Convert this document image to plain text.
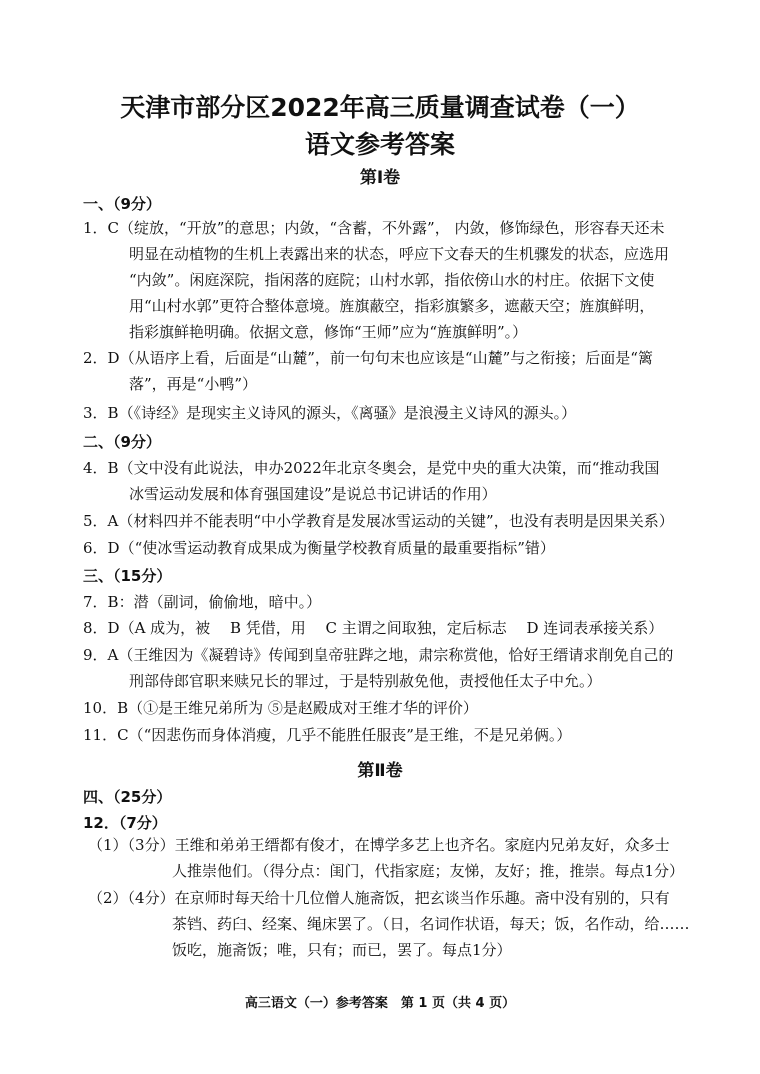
天津市部分区2022年高三质量调查试卷（一）
语文参考答案
第Ⅰ卷
一、（9分）
1．C（绽放，“开放”的意思；内敛，“含蓄，不外露”， 内敛，修饰绿色，形容春天还未
明显在动植物的生机上表露出来的状态，呼应下文春天的生机骤发的状态，应选用
“内敛”。闲庭深院，指闲落的庭院；山村水郭，指依傍山水的村庄。依据下文使
用“山村水郭”更符合整体意境。旌旗蔽空，指彩旗繁多，遮蔽天空；旌旗鲜明，
指彩旗鲜艳明确。依据文意，修饰“王师”应为“旌旗鲜明”。）
2．D（从语序上看，后面是“山麓”，前一句句末也应该是“山麓”与之衔接；后面是“篱
落”，再是“小鸭”）
3．B（《诗经》是现实主义诗风的源头，《离骚》是浪漫主义诗风的源头。）
二、（9分）
4．B（文中没有此说法，申办2022年北京冬奥会，是党中央的重大决策，而“推动我国
冰雪运动发展和体育强国建设”是说总书记讲话的作用）
5．A（材料四并不能表明“中小学教育是发展冰雪运动的关键”，也没有表明是因果关系）
6．D（“使冰雪运动教育成果成为衡量学校教育质量的最重要指标”错）
三、（15分）
7．B：潜（副词，偷偷地，暗中。）
8．D（A 成为，被　 B 凭借，用　 C 主谓之间取独，定后标志　 D 连词表承接关系）
9．A（王维因为《凝碧诗》传闻到皇帝驻跸之地，肃宗称赏他，恰好王缙请求削免自己的
刑部侍郎官职来赎兄长的罪过，于是特别赦免他，责授他任太子中允。）
10．B（①是王维兄弟所为 ⑤是赵殿成对王维才华的评价）
11．C（“因悲伤而身体消瘦，几乎不能胜任服丧”是王维，不是兄弟俩。）
第Ⅱ卷
四、（25分）
12．（7分）
（1）（3分）王维和弟弟王缙都有俊才，在博学多艺上也齐名。家庭内兄弟友好，众多士
人推崇他们。（得分点：闺门，代指家庭；友悌，友好；推，推崇。每点1分）
（2）（4分）在京师时每天给十几位僧人施斋饭，把玄谈当作乐趣。斋中没有别的，只有
茶铛、药臼、经案、绳床罢了。（日，名词作状语，每天；饭，名作动，给……
饭吃，施斋饭；唯，只有；而已，罢了。每点1分）
高三语文（一）参考答案　第 1 页（共 4 页）
